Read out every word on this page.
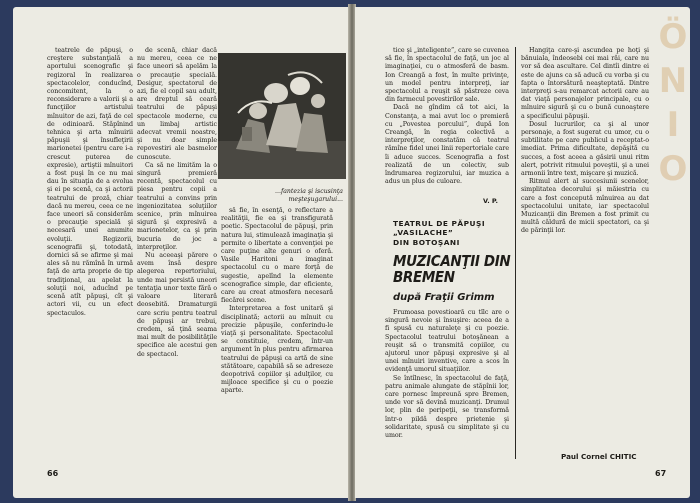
teatrele de păpuşi, o creştere substanţială a aportului scenografic şi regizoral în realizarea spectacolelor, conducînd, concomitent, la o reconsiderare a valorii şi a funcţiilor artistului mînuitor de azi, faţă de cel de odinioară. Stăpînind tehnica şi arta mînuirii păpuşii şi însufleţirii marionetei (pentru care i-a crescut puterea de expresie), artiştii mînuitori a fost puşi în ce nu mai dau în situaţia de a evolua şi ei pe scenă, ca şi actorii teatrului de proză, chiar dacă nu mereu, ceea ce ne face uneori să considerăm o precauţie specială şi necesară unei anumite evoluţii. Regizorii, scenografii şi, totodată, dornici să se afirme şi mai ales să nu rămînă în urmă faţă de arta proprie de tip tradiţional, au apelat la soluţii noi, aducînd pe scenă atît păpuşi, cît şi actori vii, cu un efect spectaculos.

de scenă, chiar dacă nu mereu, ceea ce ne face uneori să apelăm la o precauţie specială. Desigur, spectatorul de azi, fie el copil sau adult, are dreptul să ceară teatrului de păpuşi spectacole moderne, cu un limbaj artistic adecvat vremii noastre, şi nu doar simple repovestiri ale basmelor cunoscute.

Ca să ne limităm la o singură premieră recentă, spectacolul cu piesa pentru copii a teatrului a convins prin ingeniozitatea soluţiilor scenice, prin mînuirea sigură şi expresivă a marionetelor, ca şi prin bucuria de joc a interpreţilor.

Nu aceeaşi părere o avem însă despre alegerea repertoriului, unde mai persistă uneori tentaţia unor texte fără o valoare literară deosebită. Dramaturgii care scriu pentru teatrul de păpuşi ar trebui, credem, să ţină seama mai mult de posibilităţile specifice ale acestui gen de spectacol.

...fantezia şi iscusinţa meşteşugarului...

să fie, în esenţă, o reflectare a realităţii, fie ea şi transfigurată poetic. Spectacolul de păpuşi, prin natura lui, stimulează imaginaţia şi permite o libertate a convenţiei pe care puţine alte genuri o oferă. Vasile Haritoni a imaginat spectacolul cu o mare forţă de sugestie, apelînd la elemente scenografice simple, dar eficiente, care au creat atmosfera necesară fiecărei scene.

Interpretarea a fost unitară şi disciplinată; actorii au mînuit cu precizie păpuşile, conferindu-le viaţă şi personalitate. Spectacolul se constituie, credem, într-un argument în plus pentru afirmarea teatrului de păpuşi ca artă de sine stătătoare, capabilă să se adreseze deopotrivă copiilor şi adulţilor, cu mijloace specifice şi cu o poezie aparte.

66

tice şi „inteligente”, care se cuvenea să fie, în spectacolul de faţă, un joc al imaginaţiei, cu o atmosferă de basm. Ion Creangă a fost, în multe privinţe, un model pentru interpreţi, iar spectacolul a reuşit să păstreze ceva din farmecul povestirilor sale.

Dacă ne gîndim că tot aici, la Constanţa, a mai avut loc o premieră cu „Povestea porcului”, după Ion Creangă, în regia colectivă a interpreţilor, constatăm că teatrul rămîne fidel unei linii repertoriale care îi aduce succes. Scenografia a fost realizată de un colectiv, sub îndrumarea regizorului, iar muzica a adus un plus de culoare.

V. P.

Hangiţa care-şi ascundea pe hoţi şi bănuiala, îndeosebi cei mai răi, care nu vor să dea ascultare. Cel dintîi dintre ei este de ajuns ca să aducă cu vorba şi cu fapta o întorsătură neaşteptată. Dintre interpreţi s-au remarcat actorii care au dat viaţă personajelor principale, cu o mînuire sigură şi cu o bună cunoaştere a specificului păpuşii.

Dosul lucrurilor, ca şi al unor personaje, a fost sugerat cu umor, cu o subtilitate pe care publicul a receptat-o imediat. Prima dificultate, depăşită cu succes, a fost aceea a găsirii unui ritm alert, potrivit ritmului poveştii, şi a unei armonii între text, mişcare şi muzică.

Ritmul alert al succesiunii scenelor, simplitatea decorului şi măiestria cu care a fost concepută mînuirea au dat spectacolului unitate, iar spectacolul Muzicanţii din Bremen a fost primit cu multă căldură de micii spectatori, ca şi de părinţii lor.

Ö
N
I
O
TEATRUL DE PĂPUŞI
„VASILACHE”
DIN BOTOŞANI
MUZICANŢII DIN
BREMEN
după Fraţii Grimm

Frumoasa povestioară cu tîlc are o singură nevoie şi însuşire: aceea de a fi spusă cu naturaleţe şi cu poezie. Spectacolul teatrului botoşănean a reuşit să o transmită copiilor, cu ajutorul unor păpuşi expresive şi al unei mînuiri inventive, care a scos în evidenţă umorul situaţiilor.

Se întîlnesc, în spectacolul de faţă, patru animale alungate de stăpînii lor, care pornesc împreună spre Bremen, unde vor să devină muzicanţi. Drumul lor, plin de peripeţii, se transformă într-o pildă despre prietenie şi solidaritate, spusă cu simplitate şi cu umor.

Paul Cornel CHITIC
67
